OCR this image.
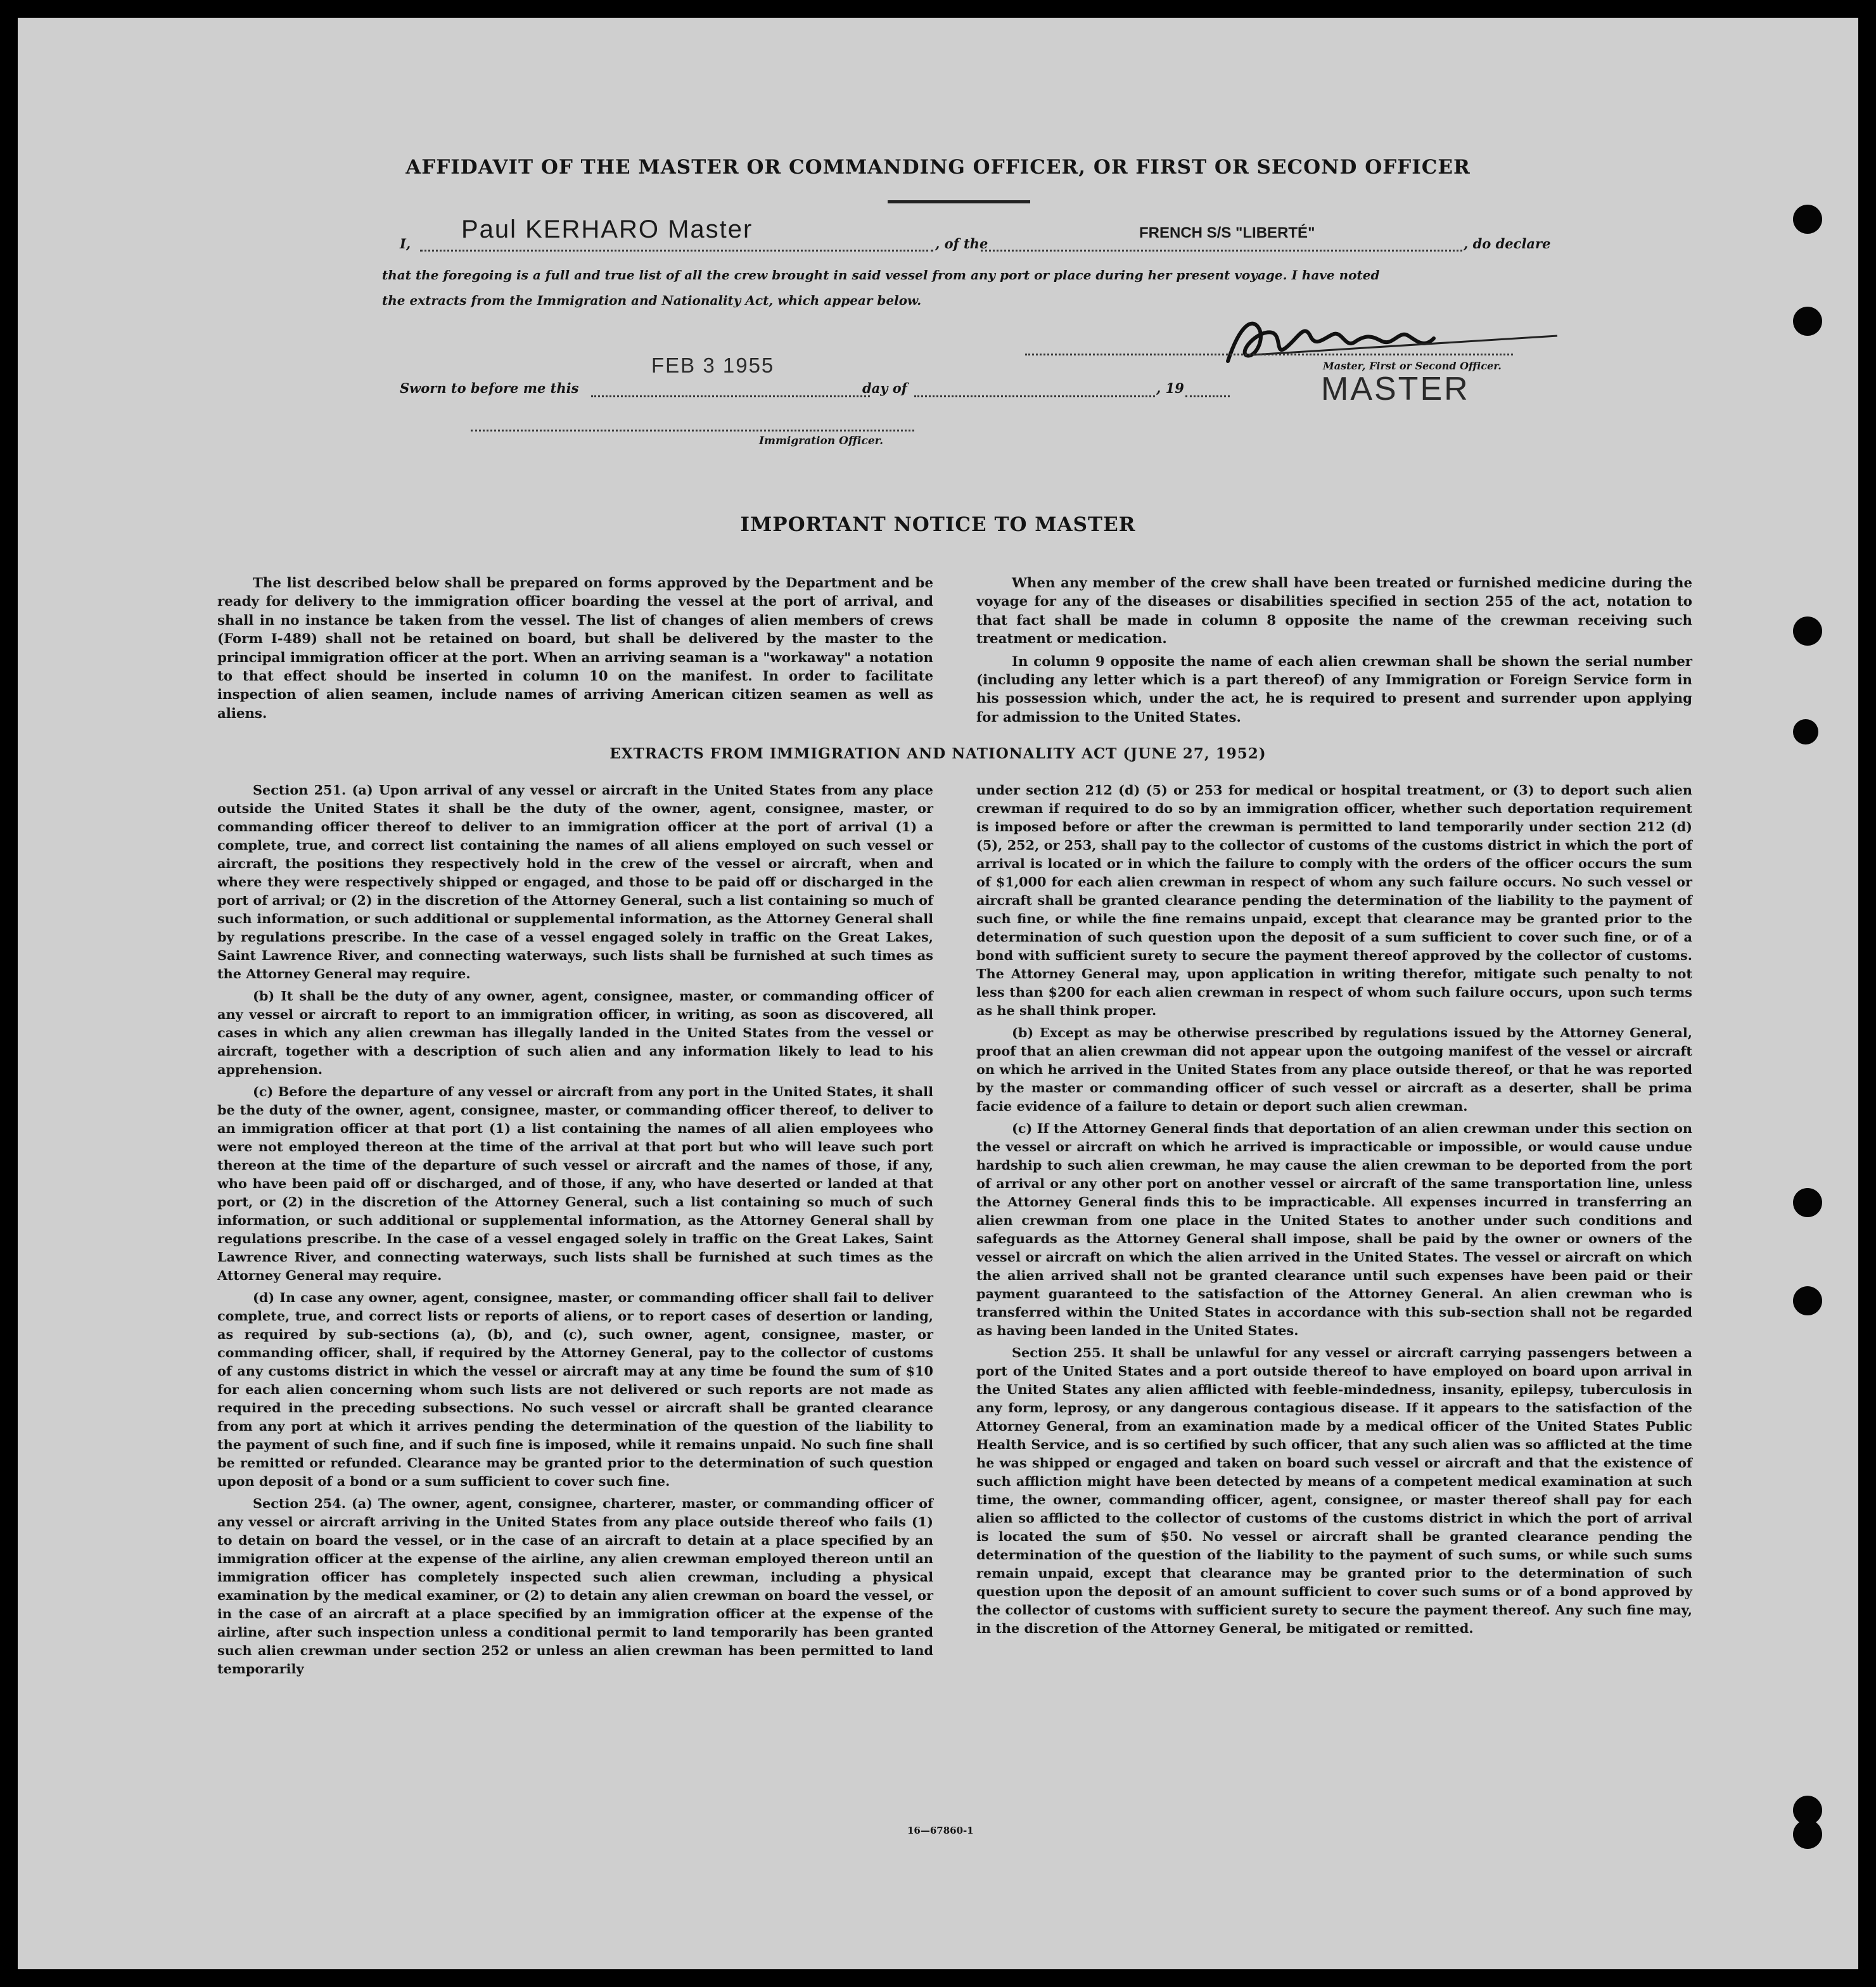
AFFIDAVIT OF THE MASTER OR COMMANDING OFFICER, OR FIRST OR SECOND OFFICER
I,
Paul KERHARO Master
, of the
FRENCH S/S "LIBERTÉ"
, do declare
that the foregoing is a full and true list of all the crew brought in said vessel from any port or place during her present voyage. I have noted
the extracts from the Immigration and Nationality Act, which appear below.
Master, First or Second Officer.
Sworn to before me this
FEB 3 1955
day of	, 19	MASTER
Immigration Officer.
IMPORTANT NOTICE TO MASTER

The list described below shall be prepared on forms approved by the Department and be ready for delivery to the immigration officer boarding the vessel at the port of arrival, and shall in no instance be taken from the vessel. The list of changes of alien members of crews (Form I-489) shall not be retained on board, but shall be delivered by the master to the principal immigration officer at the port. When an arriving seaman is a "workaway" a notation to that effect should be inserted in column 10 on the manifest. In order to facilitate inspection of alien seamen, include names of arriving American citizen seamen as well as aliens.

When any member of the crew shall have been treated or furnished medicine during the voyage for any of the diseases or disabilities specified in section 255 of the act, notation to that fact shall be made in column 8 opposite the name of the crewman receiving such treatment or medication.

In column 9 opposite the name of each alien crewman shall be shown the serial number (including any letter which is a part thereof) of any Immigration or Foreign Service form in his possession which, under the act, he is required to present and surrender upon applying for admission to the United States.

EXTRACTS FROM IMMIGRATION AND NATIONALITY ACT (JUNE 27, 1952)

Section 251. (a) Upon arrival of any vessel or aircraft in the United States from any place outside the United States it shall be the duty of the owner, agent, consignee, master, or commanding officer thereof to deliver to an immigration officer at the port of arrival (1) a complete, true, and correct list containing the names of all aliens employed on such vessel or aircraft, the positions they respectively hold in the crew of the vessel or aircraft, when and where they were respectively shipped or engaged, and those to be paid off or discharged in the port of arrival; or (2) in the discretion of the Attorney General, such a list containing so much of such information, or such additional or supplemental information, as the Attorney General shall by regulations prescribe. In the case of a vessel engaged solely in traffic on the Great Lakes, Saint Lawrence River, and connecting waterways, such lists shall be furnished at such times as the Attorney General may require.

(b) It shall be the duty of any owner, agent, consignee, master, or commanding officer of any vessel or aircraft to report to an immigration officer, in writing, as soon as discovered, all cases in which any alien crewman has illegally landed in the United States from the vessel or aircraft, together with a description of such alien and any information likely to lead to his apprehension.

(c) Before the departure of any vessel or aircraft from any port in the United States, it shall be the duty of the owner, agent, consignee, master, or commanding officer thereof, to deliver to an immigration officer at that port (1) a list containing the names of all alien employees who were not employed thereon at the time of the arrival at that port but who will leave such port thereon at the time of the departure of such vessel or aircraft and the names of those, if any, who have been paid off or discharged, and of those, if any, who have deserted or landed at that port, or (2) in the discretion of the Attorney General, such a list containing so much of such information, or such additional or supplemental information, as the Attorney General shall by regulations prescribe. In the case of a vessel engaged solely in traffic on the Great Lakes, Saint Lawrence River, and connecting waterways, such lists shall be furnished at such times as the Attorney General may require.

(d) In case any owner, agent, consignee, master, or commanding officer shall fail to deliver complete, true, and correct lists or reports of aliens, or to report cases of desertion or landing, as required by sub-sections (a), (b), and (c), such owner, agent, consignee, master, or commanding officer, shall, if required by the Attorney General, pay to the collector of customs of any customs district in which the vessel or aircraft may at any time be found the sum of $10 for each alien concerning whom such lists are not delivered or such reports are not made as required in the preceding subsections. No such vessel or aircraft shall be granted clearance from any port at which it arrives pending the determination of the question of the liability to the payment of such fine, and if such fine is imposed, while it remains unpaid. No such fine shall be remitted or refunded. Clearance may be granted prior to the determination of such question upon deposit of a bond or a sum sufficient to cover such fine.

Section 254. (a) The owner, agent, consignee, charterer, master, or commanding officer of any vessel or aircraft arriving in the United States from any place outside thereof who fails (1) to detain on board the vessel, or in the case of an aircraft to detain at a place specified by an immigration officer at the expense of the airline, any alien crewman employed thereon until an immigration officer has completely inspected such alien crewman, including a physical examination by the medical examiner, or (2) to detain any alien crewman on board the vessel, or in the case of an aircraft at a place specified by an immigration officer at the expense of the airline, after such inspection unless a conditional permit to land temporarily has been granted such alien crewman under section 252 or unless an alien crewman has been permitted to land temporarily

under section 212 (d) (5) or 253 for medical or hospital treatment, or (3) to deport such alien crewman if required to do so by an immigration officer, whether such deportation requirement is imposed before or after the crewman is permitted to land temporarily under section 212 (d) (5), 252, or 253, shall pay to the collector of customs of the customs district in which the port of arrival is located or in which the failure to comply with the orders of the officer occurs the sum of $1,000 for each alien crewman in respect of whom any such failure occurs. No such vessel or aircraft shall be granted clearance pending the determination of the liability to the payment of such fine, or while the fine remains unpaid, except that clearance may be granted prior to the determination of such question upon the deposit of a sum sufficient to cover such fine, or of a bond with sufficient surety to secure the payment thereof approved by the collector of customs. The Attorney General may, upon application in writing therefor, mitigate such penalty to not less than $200 for each alien crewman in respect of whom such failure occurs, upon such terms as he shall think proper.

(b) Except as may be otherwise prescribed by regulations issued by the Attorney General, proof that an alien crewman did not appear upon the outgoing manifest of the vessel or aircraft on which he arrived in the United States from any place outside thereof, or that he was reported by the master or commanding officer of such vessel or aircraft as a deserter, shall be prima facie evidence of a failure to detain or deport such alien crewman.

(c) If the Attorney General finds that deportation of an alien crewman under this section on the vessel or aircraft on which he arrived is impracticable or impossible, or would cause undue hardship to such alien crewman, he may cause the alien crewman to be deported from the port of arrival or any other port on another vessel or aircraft of the same transportation line, unless the Attorney General finds this to be impracticable. All expenses incurred in transferring an alien crewman from one place in the United States to another under such conditions and safeguards as the Attorney General shall impose, shall be paid by the owner or owners of the vessel or aircraft on which the alien arrived in the United States. The vessel or aircraft on which the alien arrived shall not be granted clearance until such expenses have been paid or their payment guaranteed to the satisfaction of the Attorney General. An alien crewman who is transferred within the United States in accordance with this sub-section shall not be regarded as having been landed in the United States.

Section 255. It shall be unlawful for any vessel or aircraft carrying passengers between a port of the United States and a port outside thereof to have employed on board upon arrival in the United States any alien afflicted with feeble-mindedness, insanity, epilepsy, tuberculosis in any form, leprosy, or any dangerous contagious disease. If it appears to the satisfaction of the Attorney General, from an examination made by a medical officer of the United States Public Health Service, and is so certified by such officer, that any such alien was so afflicted at the time he was shipped or engaged and taken on board such vessel or aircraft and that the existence of such affliction might have been detected by means of a competent medical examination at such time, the owner, commanding officer, agent, consignee, or master thereof shall pay for each alien so afflicted to the collector of customs of the customs district in which the port of arrival is located the sum of $50. No vessel or aircraft shall be granted clearance pending the determination of the question of the liability to the payment of such sums, or while such sums remain unpaid, except that clearance may be granted prior to the determination of such question upon the deposit of an amount sufficient to cover such sums or of a bond approved by the collector of customs with sufficient surety to secure the payment thereof. Any such fine may, in the discretion of the Attorney General, be mitigated or remitted.

16—67860-1
